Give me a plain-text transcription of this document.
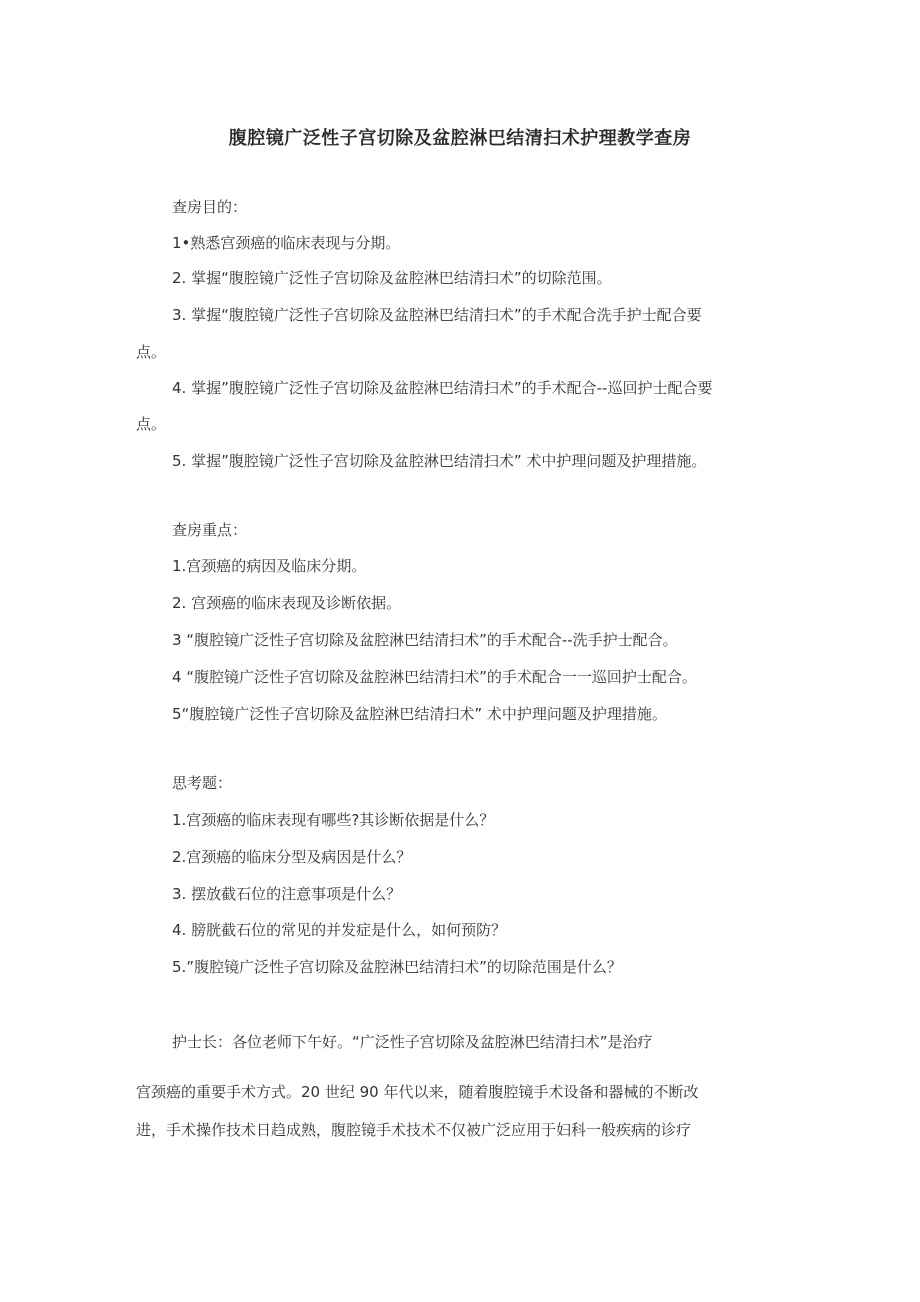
腹腔镜广泛性子宫切除及盆腔淋巴结清扫术护理教学查房
查房目的：
1•熟悉宫颈癌的临床表现与分期。
2. 掌握“腹腔镜广泛性子宫切除及盆腔淋巴结清扫术”的切除范围。
3. 掌握“腹腔镜广泛性子宫切除及盆腔淋巴结清扫术”的手术配合洗手护士配合要
点。
4. 掌握”腹腔镜广泛性子宫切除及盆腔淋巴结清扫术”的手术配合--巡回护士配合要
点。
5. 掌握”腹腔镜广泛性子宫切除及盆腔淋巴结清扫术” 术中护理问题及护理措施。
查房重点：
1.宫颈癌的病因及临床分期。
2. 宫颈癌的临床表现及诊断依据。
3 “腹腔镜广泛性子宫切除及盆腔淋巴结清扫术”的手术配合--洗手护士配合。
4 “腹腔镜广泛性子宫切除及盆腔淋巴结清扫术”的手术配合一一巡回护士配合。
5“腹腔镜广泛性子宫切除及盆腔淋巴结清扫术” 术中护理问题及护理措施。
思考题：
1.宫颈癌的临床表现有哪些?其诊断依据是什么？
2.宫颈癌的临床分型及病因是什么？
3. 摆放截石位的注意事项是什么？
4. 膀胱截石位的常见的并发症是什么，如何预防？
5.”腹腔镜广泛性子宫切除及盆腔淋巴结清扫术”的切除范围是什么？
护士长：各位老师下午好。“广泛性子宫切除及盆腔淋巴结清扫术”是治疗
宫颈癌的重要手术方式。20 世纪 90 年代以来，随着腹腔镜手术设备和器械的不断改
进，手术操作技术日趋成熟，腹腔镜手术技术不仅被广泛应用于妇科一般疾病的诊疗
